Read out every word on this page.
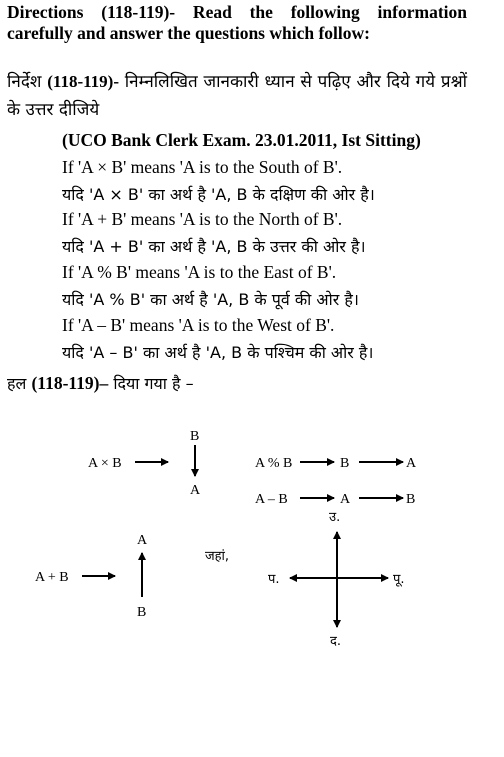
Directions (118-119)- Read the following information carefully and answer the questions which follow:
निर्देश (118-119)- निम्नलिखित जानकारी ध्यान से पढ़िए और दिये गये प्रश्नों के उत्तर दीजिये
(UCO Bank Clerk Exam. 23.01.2011, Ist Sitting)
If 'A × B' means 'A is to the South of B'.
यदि 'A × B' का अर्थ है 'A, B के दक्षिण की ओर है।
If 'A + B' means 'A is to the North of B'.
यदि 'A + B' का अर्थ है 'A, B के उत्तर की ओर है।
If 'A % B' means 'A is to the East of B'.
यदि 'A % B' का अर्थ है 'A, B के पूर्व की ओर है।
If 'A – B' means 'A is to the West of B'.
यदि 'A – B' का अर्थ है 'A, B के पश्चिम की ओर है।
हल (118-119)– दिया गया है –
A × B
B
A
A % B	B	A
A – B	A	B
A + B
A
B
जहां,
उ.
प.	पू.
द.
